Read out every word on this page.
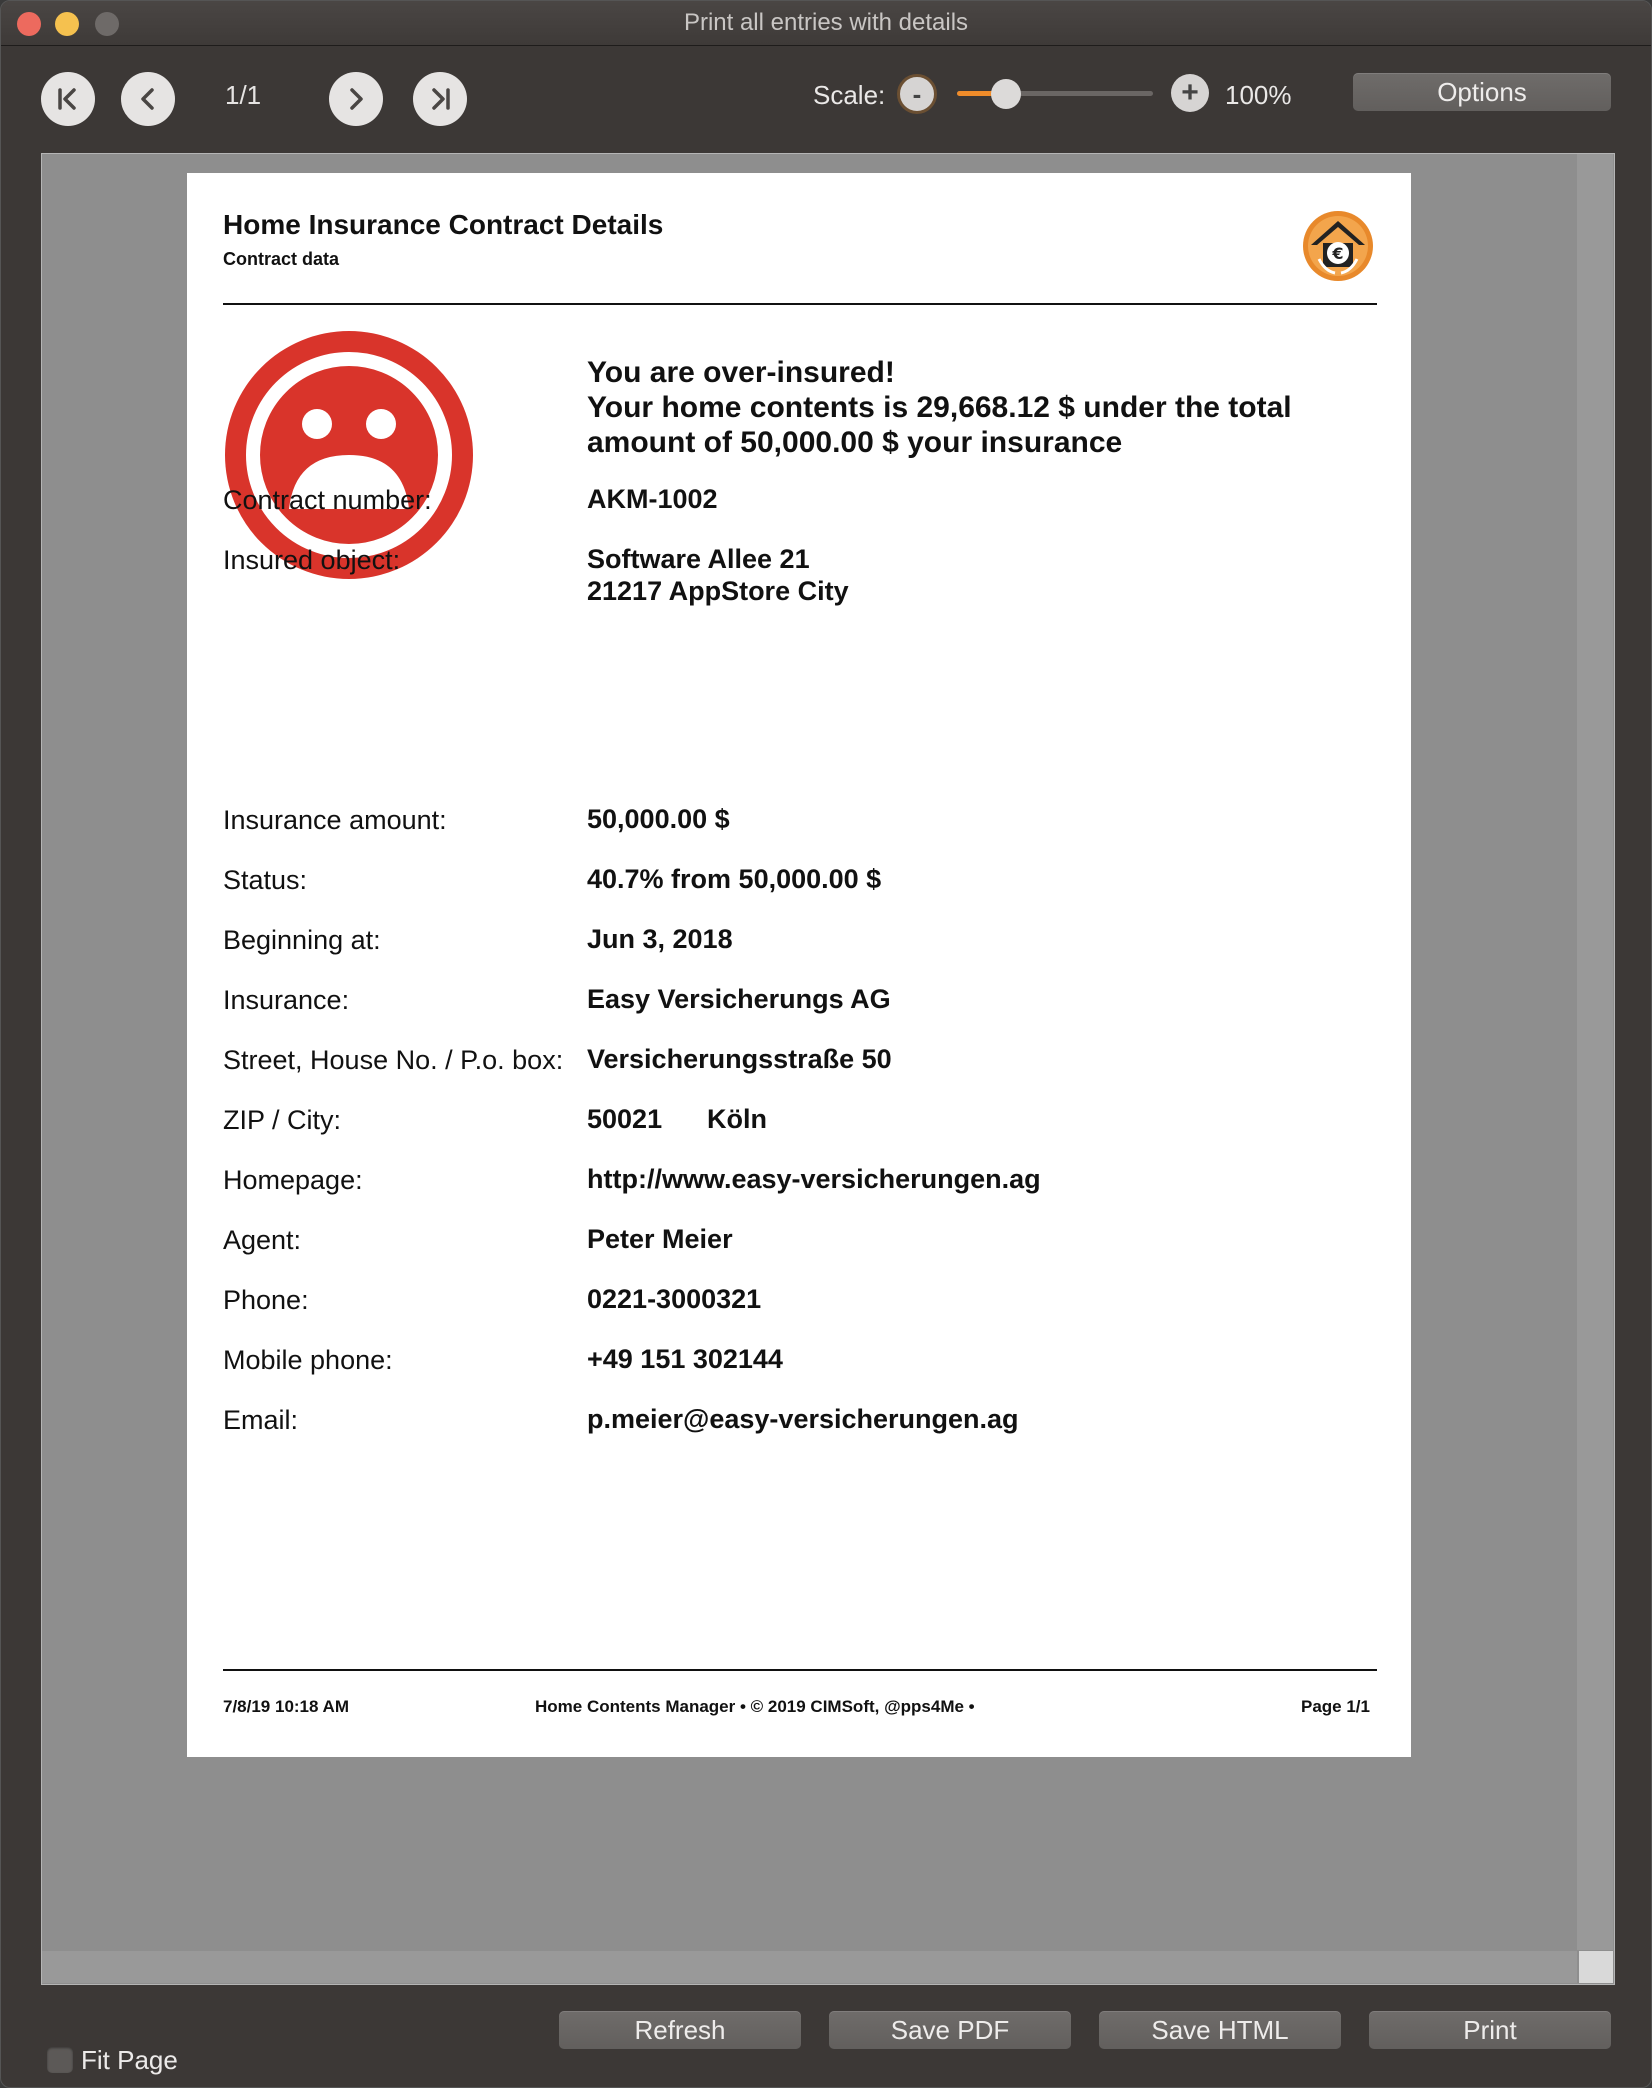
Print all entries with details
1/1	Scale:	-	+	100%	Options
Home Insurance Contract Details
Contract data	€
You are over-insured!
Your home contents is 29,668.12 $ under the total
amount of 50,000.00 $ your insurance
Contract number:	AKM-1002
Insured object:	Software Allee 21
21217 AppStore City
Insurance amount:	50,000.00 $
Status:	40.7% from 50,000.00 $
Beginning at:	Jun 3, 2018
Insurance:	Easy Versicherungs AG
Street, House No. / P.o. box: Versicherungsstraße 50
ZIP / City:	50021 Köln
Homepage:	http://www.easy-versicherungen.ag
Agent:	Peter Meier
Phone:	0221-3000321
Mobile phone:	+49 151 302144
Email:	p.meier@easy-versicherungen.ag
7/8/19 10:18 AM	Home Contents Manager • © 2019 CIMSoft, @pps4Me •	Page 1/1
Fit Page
Refresh	Save PDF	Save HTML	Print
